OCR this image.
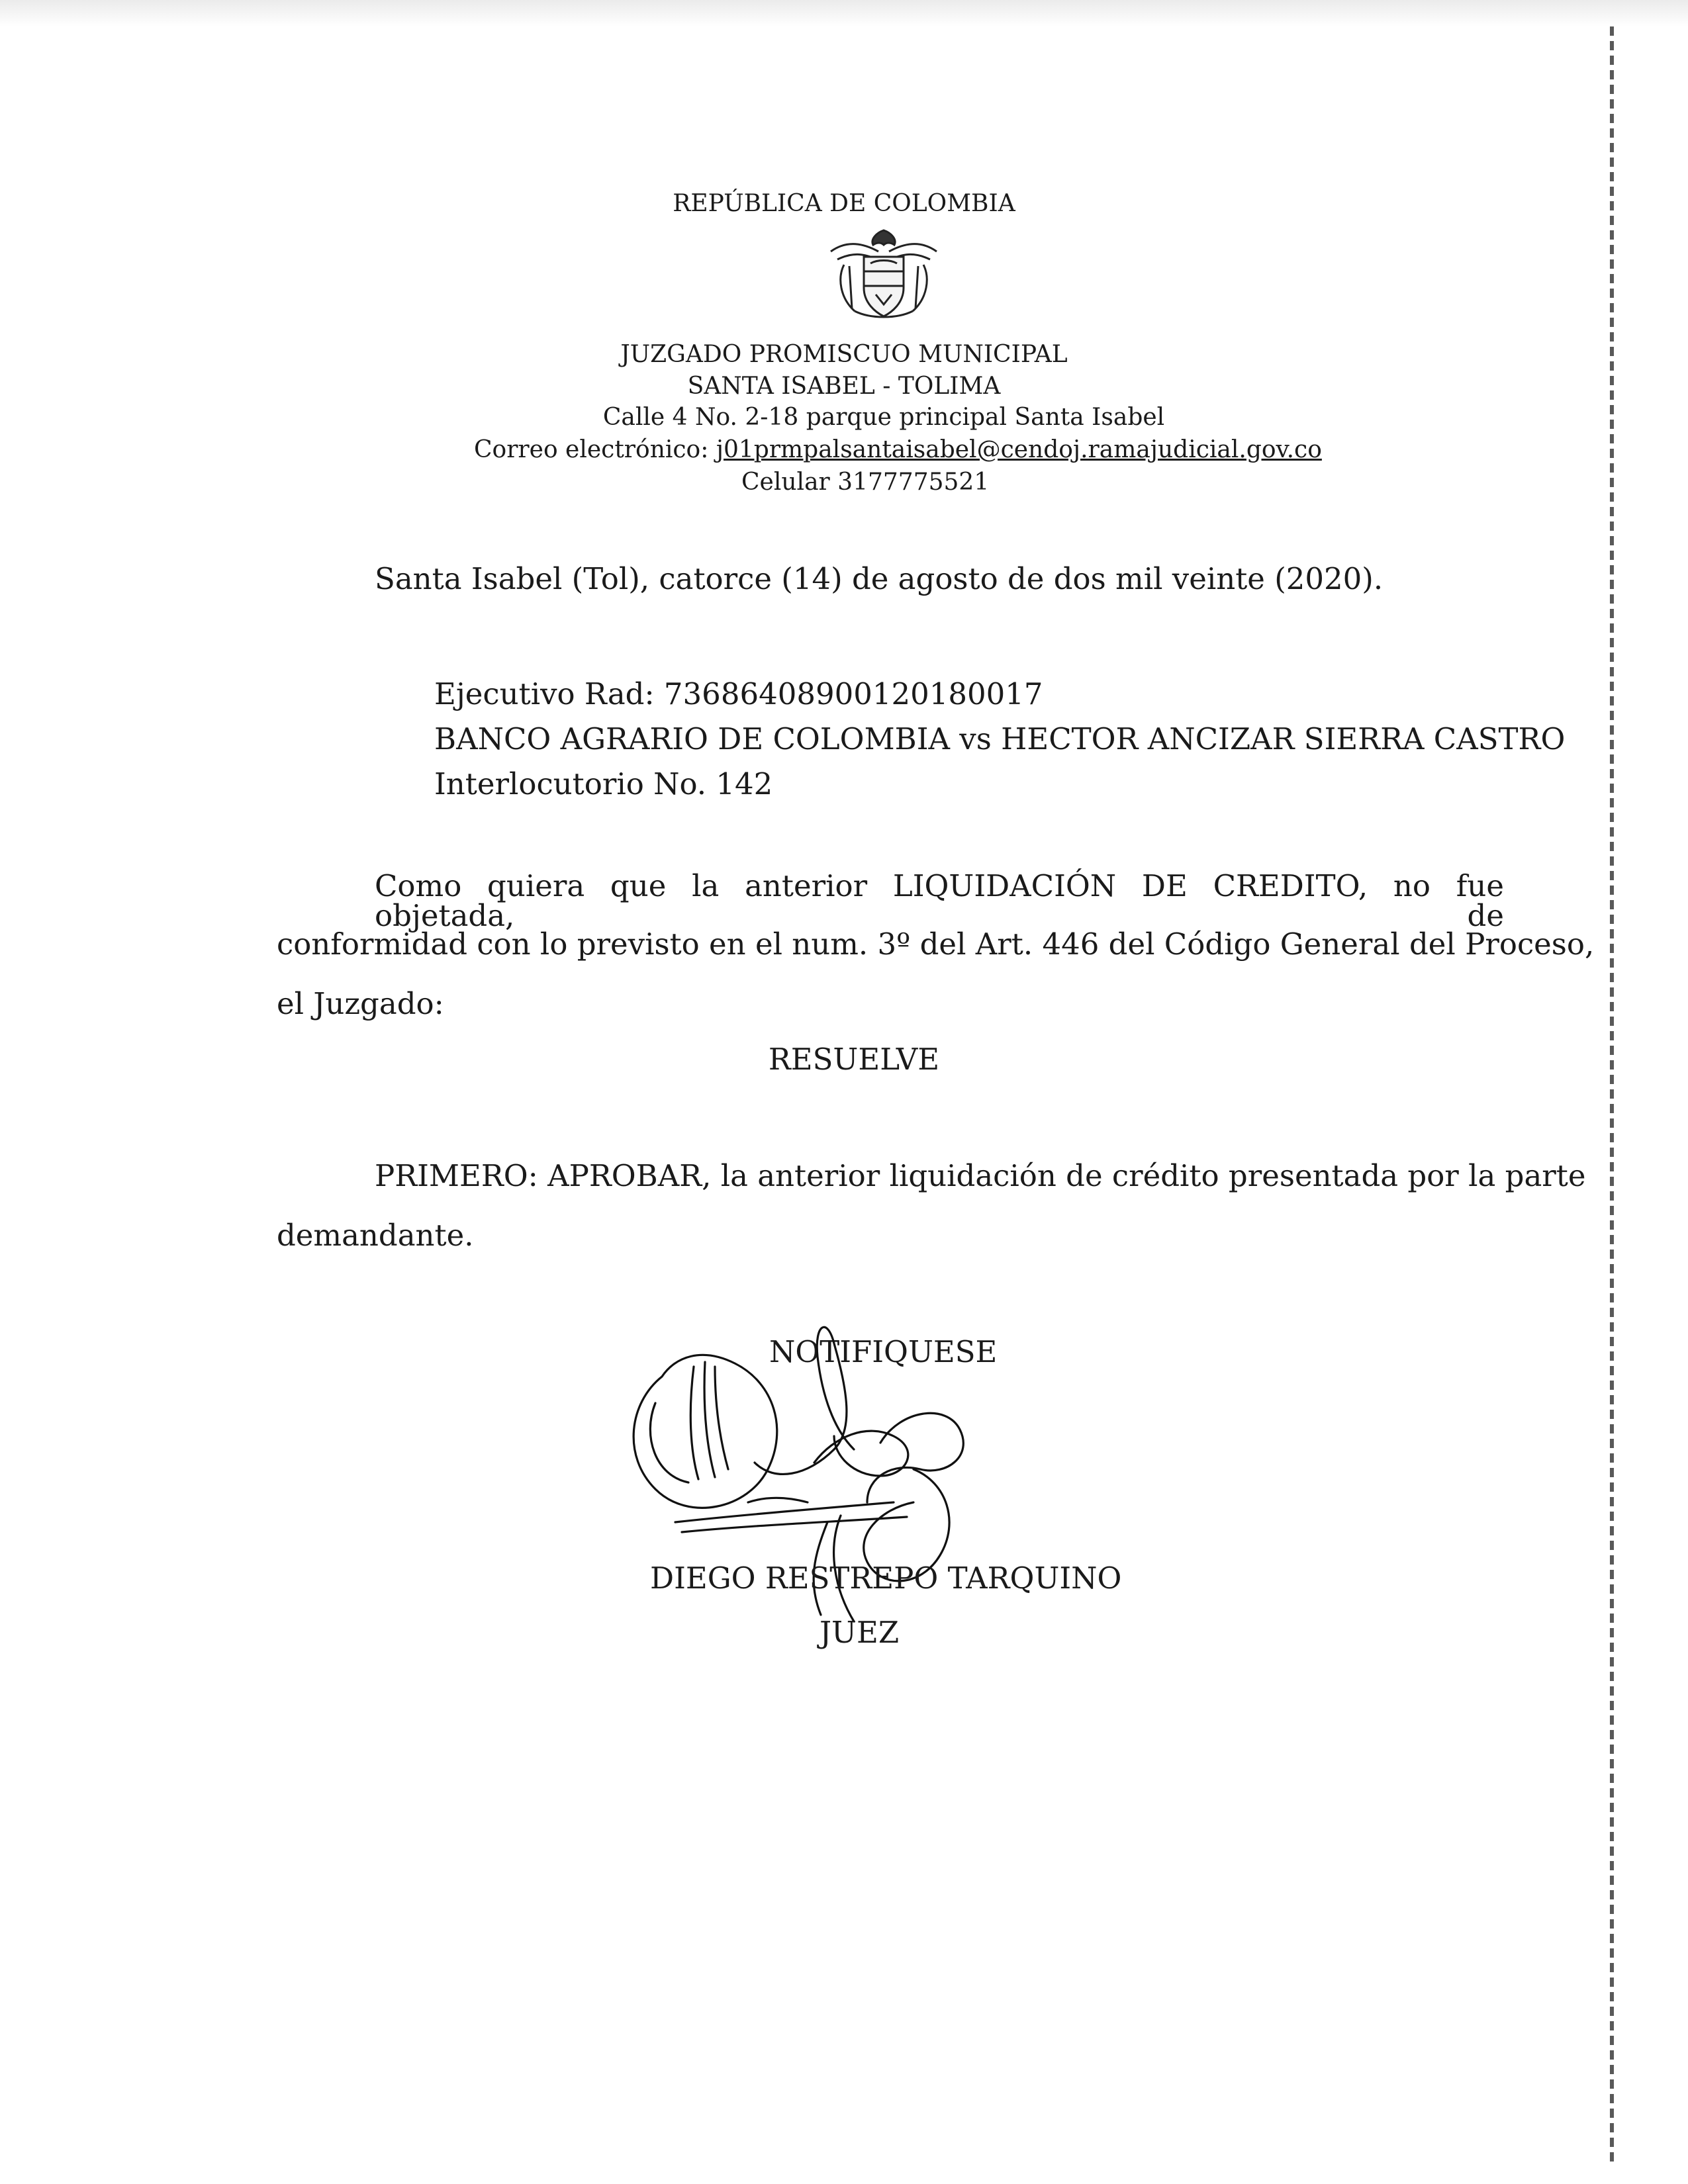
REPÚBLICA DE COLOMBIA
JUZGADO PROMISCUO MUNICIPAL
SANTA ISABEL - TOLIMA
Calle 4 No. 2-18 parque principal Santa Isabel
Correo electrónico: j01prmpalsantaisabel@cendoj.ramajudicial.gov.co
Celular 3177775521
Santa Isabel (Tol), catorce (14) de agosto de dos mil veinte (2020).
Ejecutivo Rad: 73686408900120180017
BANCO AGRARIO DE COLOMBIA vs HECTOR ANCIZAR SIERRA CASTRO
Interlocutorio No. 142
Como quiera que la anterior LIQUIDACIÓN DE CREDITO, no fue objetada, de
conformidad con lo previsto en el num. 3º del Art. 446 del Código General del Proceso,
el Juzgado:
RESUELVE
PRIMERO: APROBAR, la anterior liquidación de crédito presentada por la parte
demandante.
NOTIFIQUESE
DIEGO RESTREPO TARQUINO
JUEZ
